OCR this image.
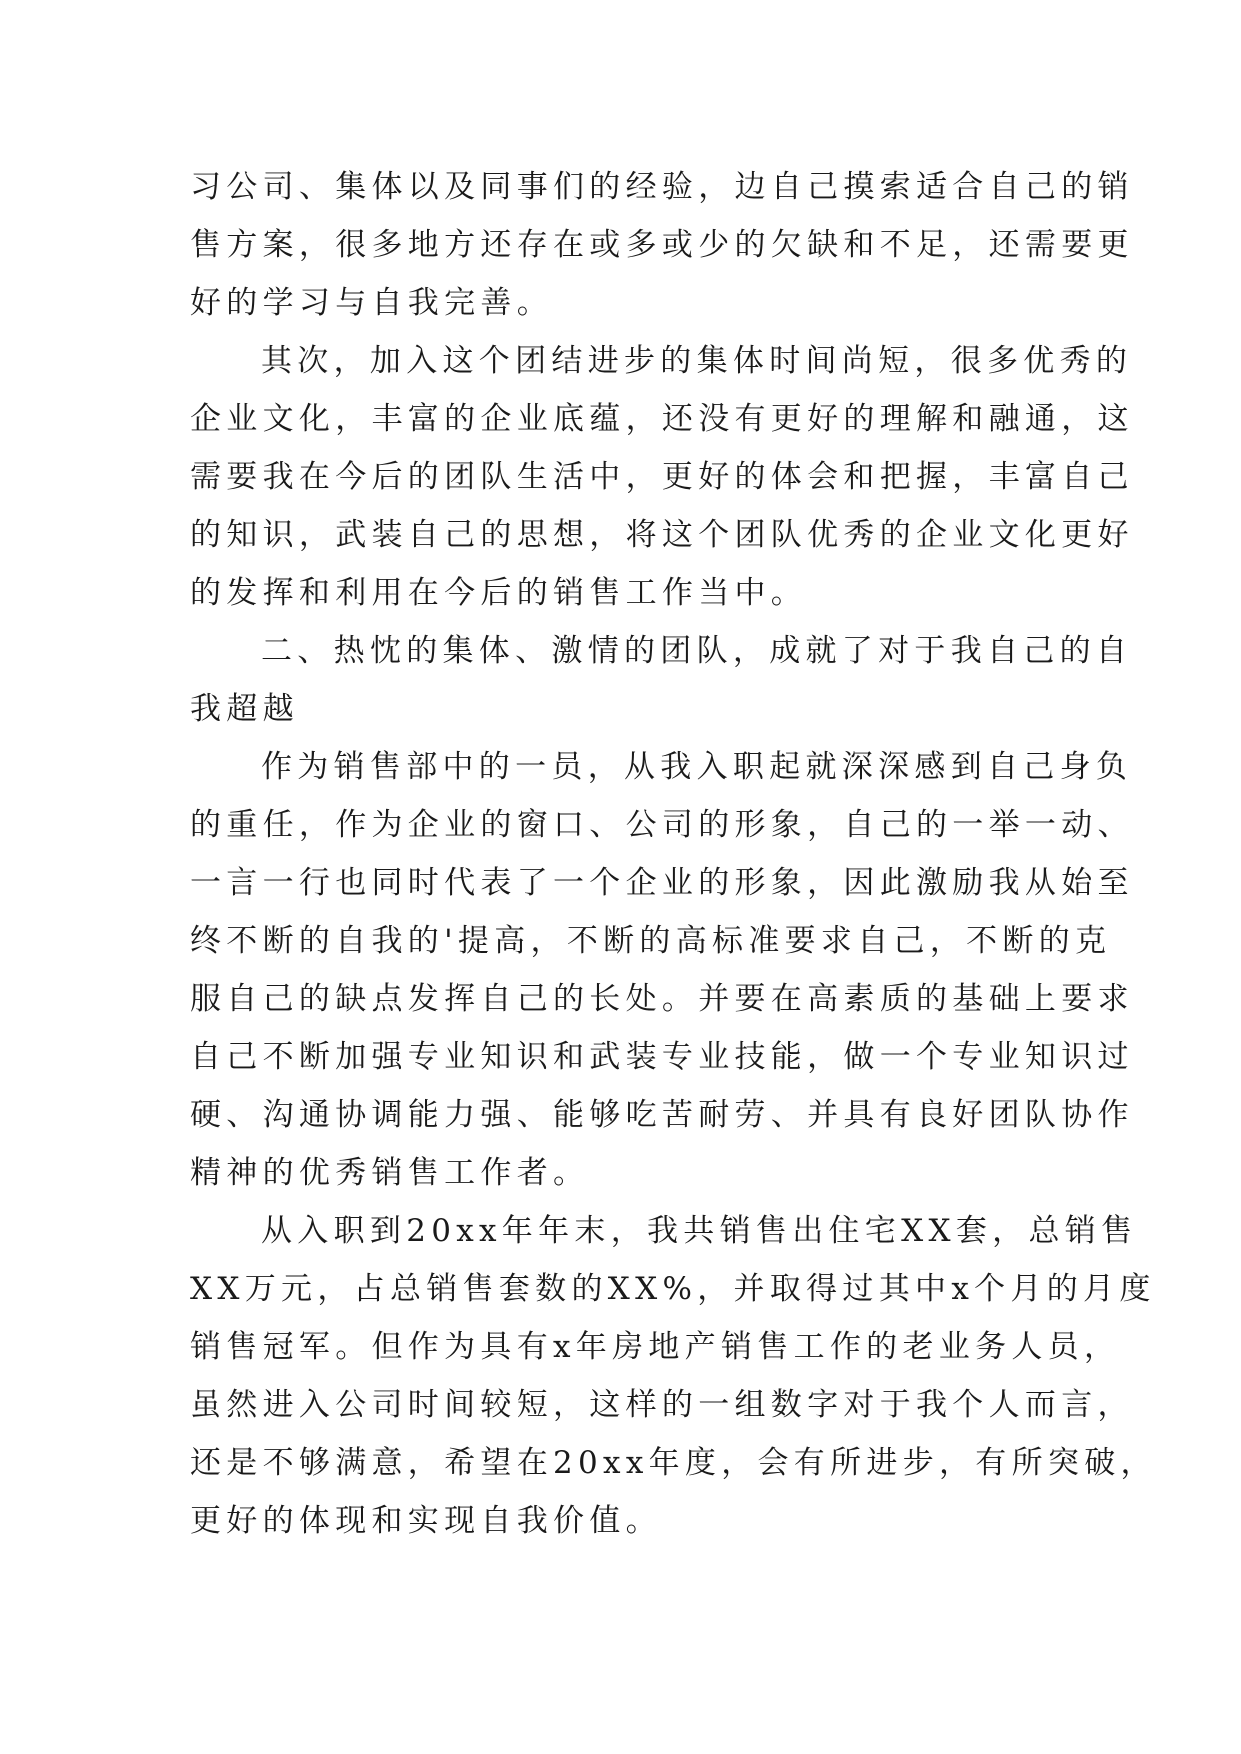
习公司、集体以及同事们的经验，边自己摸索适合自己的销
售方案，很多地方还存在或多或少的欠缺和不足，还需要更
好的学习与自我完善。
其次，加入这个团结进步的集体时间尚短，很多优秀的
企业文化，丰富的企业底蕴，还没有更好的理解和融通，这
需要我在今后的团队生活中，更好的体会和把握，丰富自己
的知识，武装自己的思想，将这个团队优秀的企业文化更好
的发挥和利用在今后的销售工作当中。
二、热忱的集体、激情的团队，成就了对于我自己的自
我超越
作为销售部中的一员，从我入职起就深深感到自己身负
的重任，作为企业的窗口、公司的形象，自己的一举一动、
一言一行也同时代表了一个企业的形象，因此激励我从始至
终不断的自我的'提高，不断的高标准要求自己，不断的克
服自己的缺点发挥自己的长处。并要在高素质的基础上要求
自己不断加强专业知识和武装专业技能，做一个专业知识过
硬、沟通协调能力强、能够吃苦耐劳、并具有良好团队协作
精神的优秀销售工作者。
从入职到20xx年年末，我共销售出住宅XX套，总销售
XX万元，占总销售套数的XX%，并取得过其中x个月的月度
销售冠军。但作为具有x年房地产销售工作的老业务人员，
虽然进入公司时间较短，这样的一组数字对于我个人而言，
还是不够满意，希望在20xx年度，会有所进步，有所突破，
更好的体现和实现自我价值。
